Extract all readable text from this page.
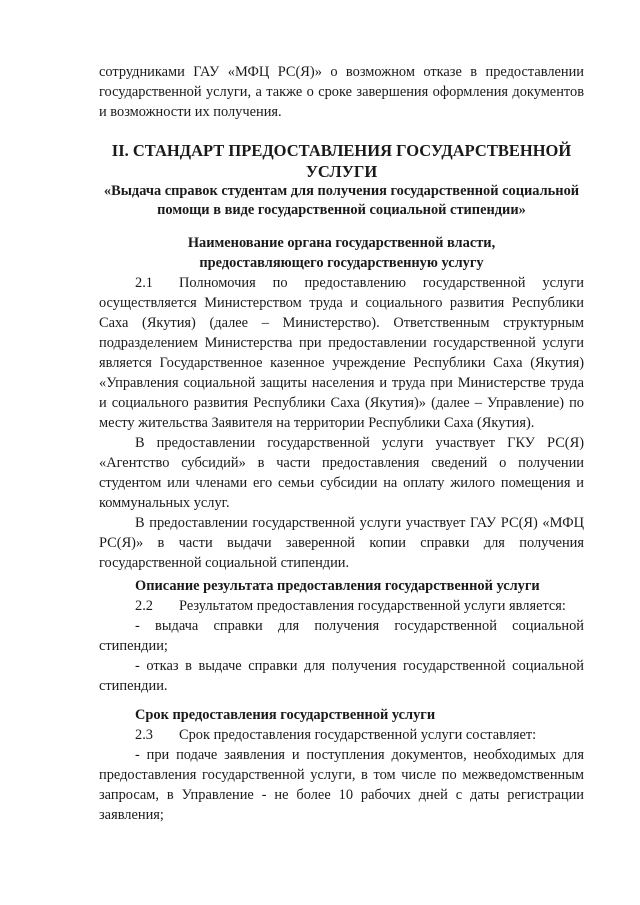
сотрудниками ГАУ «МФЦ РС(Я)» о возможном отказе в предоставлении государственной услуги, а также о сроке завершения оформления документов и возможности их получения.

II. СТАНДАРТ ПРЕДОСТАВЛЕНИЯ ГОСУДАРСТВЕННОЙ УСЛУГИ

«Выдача справок студентам для получения государственной социальной помощи в виде государственной социальной стипендии»

Наименование органа государственной власти, предоставляющего государственную услугу

2.1 Полномочия по предоставлению государственной услуги осуществляется Министерством труда и социального развития Республики Саха (Якутия) (далее – Министерство). Ответственным структурным подразделением Министерства при предоставлении государственной услуги является Государственное казенное учреждение Республики Саха (Якутия) «Управления социальной защиты населения и труда при Министерстве труда и социального развития Республики Саха (Якутия)» (далее – Управление) по месту жительства Заявителя на территории Республики Саха (Якутия).

В предоставлении государственной услуги участвует ГКУ РС(Я) «Агентство субсидий» в части предоставления сведений о получении студентом или членами его семьи субсидии на оплату жилого помещения и коммунальных услуг.

В предоставлении государственной услуги участвует ГАУ РС(Я) «МФЦ РС(Я)» в части выдачи заверенной копии справки для получения государственной социальной стипендии.

Описание результата предоставления государственной услуги

2.2 Результатом предоставления государственной услуги является:

- выдача справки для получения государственной социальной стипендии;

- отказ в выдаче справки для получения государственной социальной стипендии.

Срок предоставления государственной услуги

2.3 Срок предоставления государственной услуги составляет:

- при подаче заявления и поступления документов, необходимых для предоставления государственной услуги, в том числе по межведомственным запросам, в Управление - не более 10 рабочих дней с даты регистрации заявления;
